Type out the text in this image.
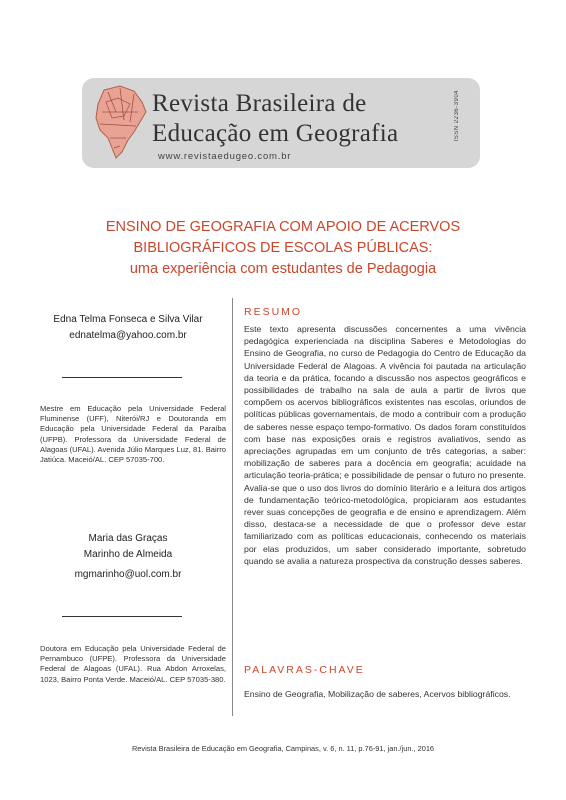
Revista Brasileira de
Educação em Geografia
www.revistaedugeo.com.br
ISSN 2236-3904
ENSINO DE GEOGRAFIA COM APOIO DE ACERVOS
BIBLIOGRÁFICOS DE ESCOLAS PÚBLICAS:
uma experiência com estudantes de Pedagogia
Edna Telma Fonseca e Silva Vilar
ednatelma@yahoo.com.br
Mestre em Educação pela Universidade Federal Fluminense (UFF), Niterói/RJ e Doutoranda em Educação pela Universidade Federal da Paraíba (UFPB). Professora da Universidade Federal de Alagoas (UFAL). Avenida Júlio Marques Luz, 81. Bairro Jatiúca. Maceió/AL. CEP 57035-700.
Maria das Graças
Marinho de Almeida
mgmarinho@uol.com.br
Doutora em Educação pela Universidade Federal de Pernambuco (UFPE). Professora da Universidade Federal de Alagoas (UFAL). Rua Abdon Arroxelas, 1023, Bairro Ponta Verde. Maceió/AL. CEP 57035-380.
RESUMO

Este texto apresenta discussões concernentes a uma vivência pedagógica experienciada na disciplina Saberes e Metodologias do Ensino de Geografia, no curso de Pedagogia do Centro de Educação da Universidade Federal de Alagoas. A vivência foi pautada na articulação da teoria e da prática, focando a discussão nos aspectos geográficos e possibilidades de trabalho na sala de aula a partir de livros que compõem os acervos bibliográficos existentes nas escolas, oriundos de políticas públicas governamentais, de modo a contribuir com a produção de saberes nesse espaço tempo-formativo. Os dados foram constituídos com base nas exposições orais e registros avaliativos, sendo as apreciações agrupadas em um conjunto de três categorias, a saber: mobilização de saberes para a docência em geografia; acuidade na articulação teoria-prática; e possibilidade de pensar o futuro no presente. Avalia-se que o uso dos livros do domínio literário e a leitura dos artigos de fundamentação teórico-metodológica, propiciaram aos estudantes rever suas concepções de geografia e de ensino e aprendizagem. Além disso, destaca-se a necessidade de que o professor deve estar familiarizado com as políticas educacionais, conhecendo os materiais por elas produzidos, um saber considerado importante, sobretudo quando se avalia a natureza prospectiva da construção desses saberes.

PALAVRAS-CHAVE

Ensino de Geografia, Mobilização de saberes, Acervos bibliográficos.

Revista Brasileira de Educação em Geografia, Campinas, v. 6, n. 11, p.76-91, jan./jun., 2016
